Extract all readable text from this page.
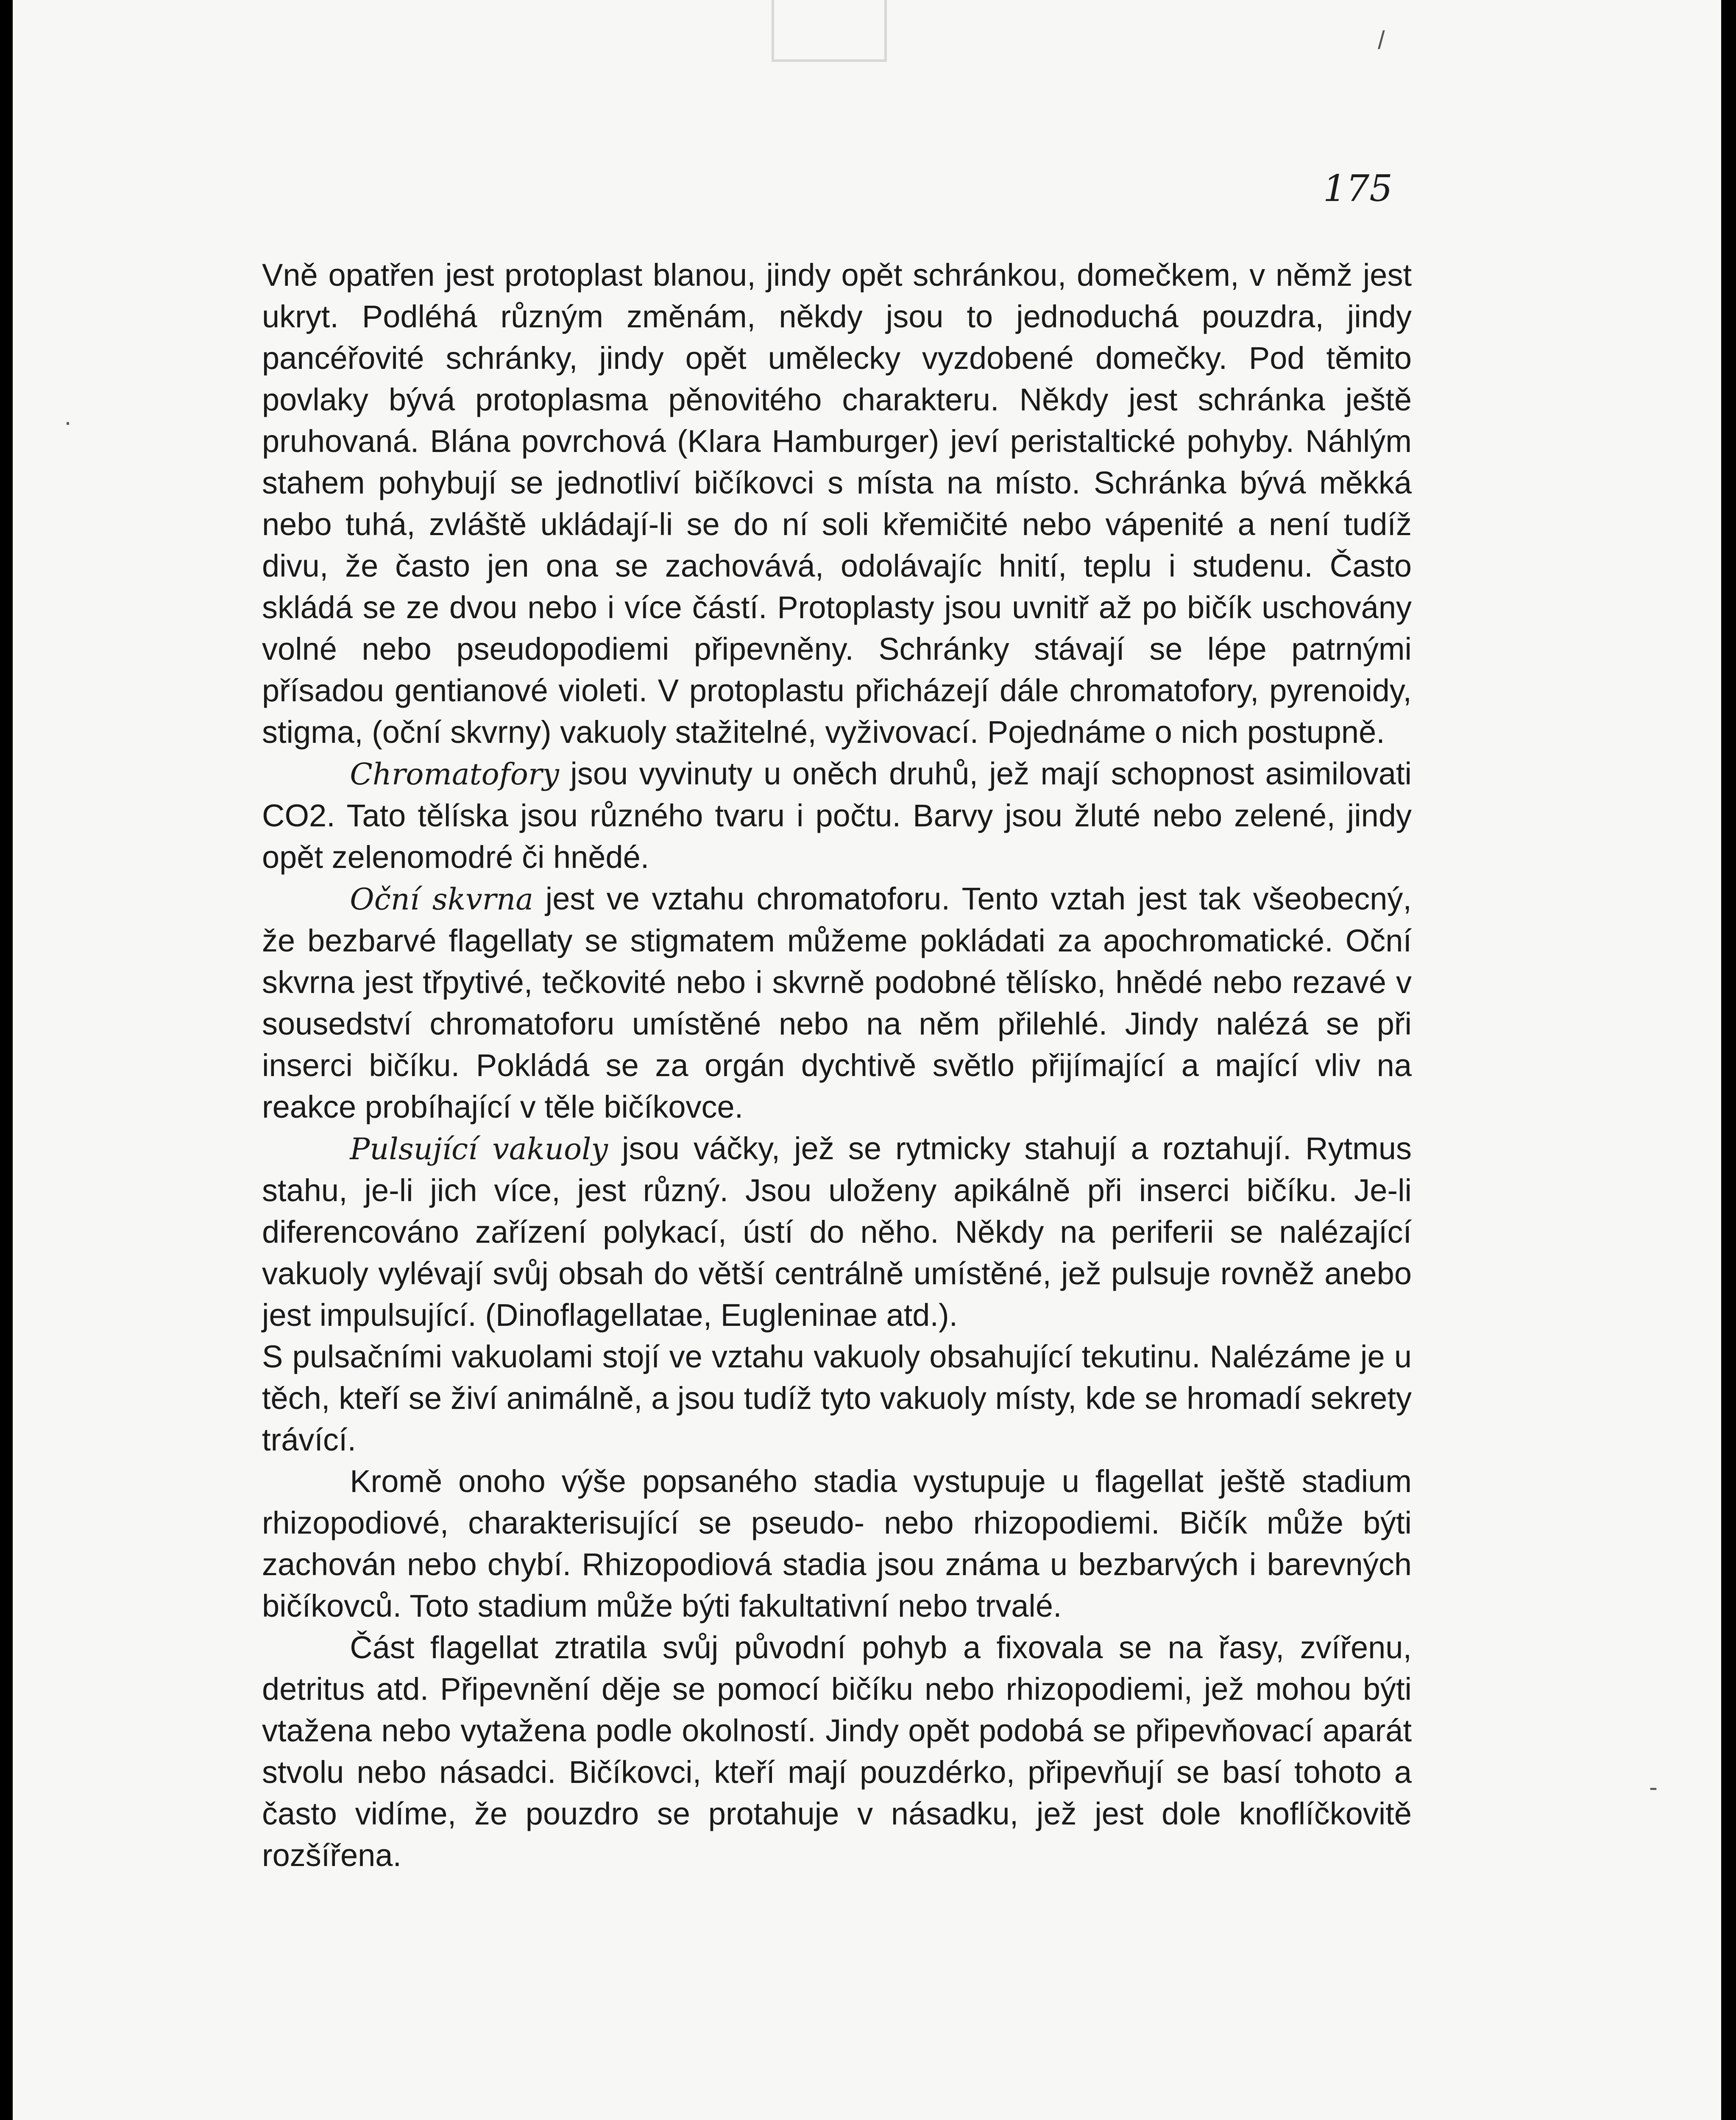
/
·
-

175

Vně opatřen jest protoplast blanou, jindy opět schránkou, domečkem, v němž jest ukryt. Podléhá různým změnám, někdy jsou to jednoduchá pouzdra, jindy pancéřovité schránky, jindy opět umělecky vyzdobené domečky. Pod těmito povlaky bývá protoplasma pěnovitého charakteru. Někdy jest schránka ještě pruhovaná. Blána povrchová (Klara Hamburger) jeví peristaltické pohyby. Náhlým stahem pohybují se jednotliví bičíkovci s místa na místo. Schránka bývá měkká nebo tuhá, zvláště ukládají-li se do ní soli křemičité nebo vápenité a není tudíž divu, že často jen ona se zachovává, odolávajíc hnití, teplu i studenu. Často skládá se ze dvou nebo i více částí. Protoplasty jsou uvnitř až po bičík uschovány volné nebo pseudopodiemi připevněny. Schránky stávají se lépe patrnými přísadou gentianové violeti. V protoplastu přicházejí dále chromatofory, pyrenoidy, stigma, (oční skvrny) vakuoly stažitelné, vyživovací. Pojednáme o nich postupně.

Chromatofory jsou vyvinuty u oněch druhů, jež mají schopnost asimilovati CO2. Tato tělíska jsou různého tvaru i počtu. Barvy jsou žluté nebo zelené, jindy opět zelenomodré či hnědé.

Oční skvrna jest ve vztahu chromatoforu. Tento vztah jest tak všeobecný, že bezbarvé flagellaty se stigmatem můžeme pokládati za apochromatické. Oční skvrna jest třpytivé, tečkovité nebo i skvrně podobné tělísko, hnědé nebo rezavé v sousedství chromatoforu umístěné nebo na něm přilehlé. Jindy nalézá se při inserci bičíku. Pokládá se za orgán dychtivě světlo přijímající a mající vliv na reakce probíhající v těle bičíkovce.

Pulsující vakuoly jsou váčky, jež se rytmicky stahují a roztahují. Rytmus stahu, je-li jich více, jest různý. Jsou uloženy apikálně při inserci bičíku. Je-li diferencováno zařízení polykací, ústí do něho. Někdy na periferii se nalézající vakuoly vylévají svůj obsah do větší centrálně umístěné, jež pulsuje rovněž anebo jest impulsující. (Dinoflagellatae, Eugleninae atd.).

S pulsačními vakuolami stojí ve vztahu vakuoly obsahující tekutinu. Nalézáme je u těch, kteří se živí animálně, a jsou tudíž tyto vakuoly místy, kde se hromadí sekrety trávící.

Kromě onoho výše popsaného stadia vystupuje u flagellat ještě stadium rhizopodiové, charakterisující se pseudo- nebo rhizopodiemi. Bičík může býti zachován nebo chybí. Rhizopodiová stadia jsou známa u bezbarvých i barevných bičíkovců. Toto stadium může býti fakultativní nebo trvalé.

Část flagellat ztratila svůj původní pohyb a fixovala se na řasy, zvířenu, detritus atd. Připevnění děje se pomocí bičíku nebo rhizopodiemi, jež mohou býti vtažena nebo vytažena podle okolností. Jindy opět podobá se připevňovací aparát stvolu nebo násadci. Bičíkovci, kteří mají pouzdérko, připevňují se basí tohoto a často vidíme, že pouzdro se protahuje v násadku, jež jest dole knoflíčkovitě rozšířena.
